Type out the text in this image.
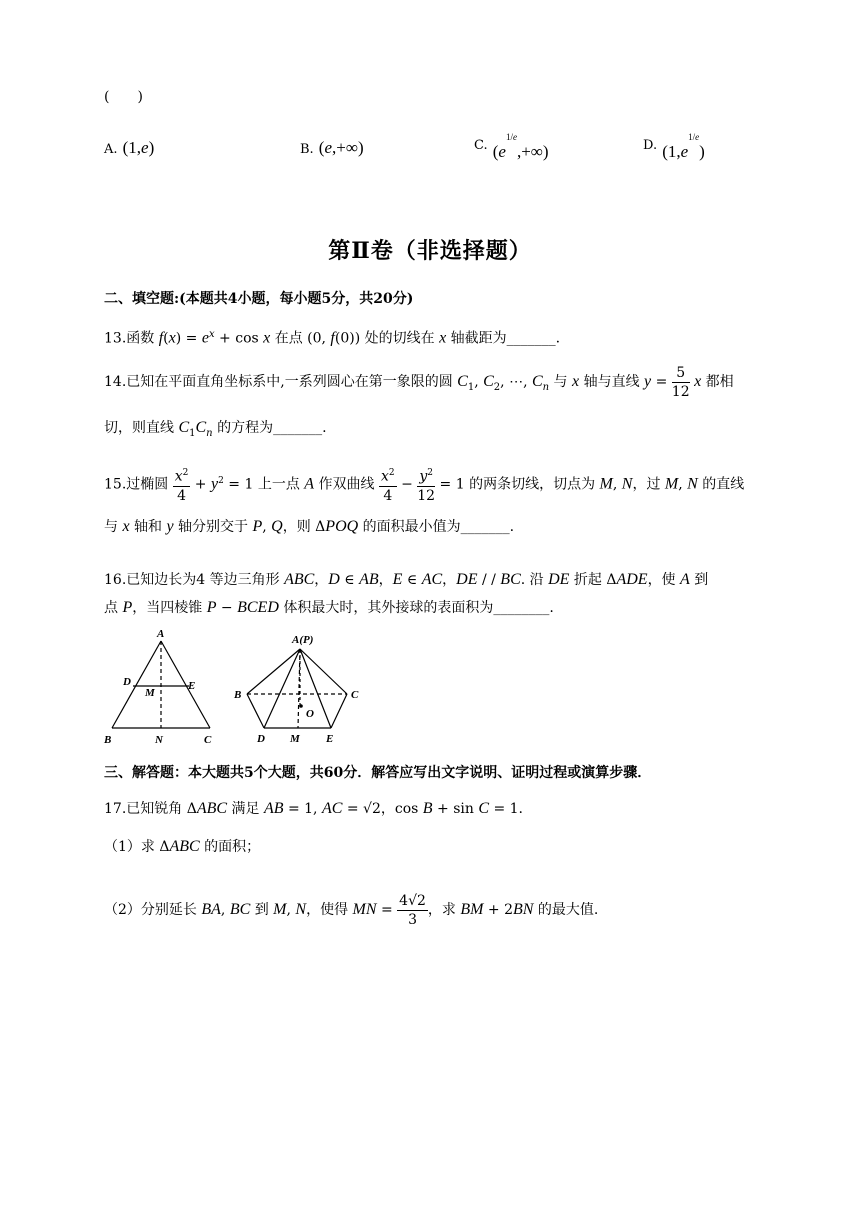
(　　)
A. (1,e)	B. (e,+∞)	C. $(e^{1/e},+\infty)$	D. $(1,e^{1/e})$
第Ⅱ卷（非选择题）
二、填空题:(本题共4小题，每小题5分，共20分)
13.函数 $f(x) = e^x + \cos x$ 在点 (0, f(0)) 处的切线在 x 轴截距为_______.
14.已知在平面直角坐标系中,一系列圆心在第一象限的圆 $C_1$, $C_2$, ⋯, $C_n$ 与 x 轴与直线 $y = \frac{5}{12}$ x 都相
切，则直线 $C_1C_n$ 的方程为_______.
15.过椭圆 $\frac{x^2}{4} + y^2 = 1$ 上一点 A 作双曲线 $\frac{x^2}{4} - \frac{y^2}{12} = 1$ 的两条切线，切点为 M, N，过 M, N 的直线
与 x 轴和 y 轴分别交于 P, Q，则 ΔPOQ 的面积最小值为_______.
16.已知边长为4 等边三角形 ABC，D ∈ AB，E ∈ AC，DE / / BC. 沿 DE 折起 ΔADE，使 A 到
点 P，当四棱锥 P − BCED 体积最大时，其外接球的表面积为________.
A
D
M
E
B	N	C
A(P)
B	C
O
D M E
三、解答题：本大题共5个大题，共60分．解答应写出文字说明、证明过程或演算步骤．
17.已知锐角 ΔABC 满足 AB = 1, AC = √2，cos B + sin C = 1.
（1）求 ΔABC 的面积；
（2）分别延长 BA, BC 到 M, N，使得 MN = $\frac{4√2}{3}$ ，求 BM + 2BN 的最大值.
